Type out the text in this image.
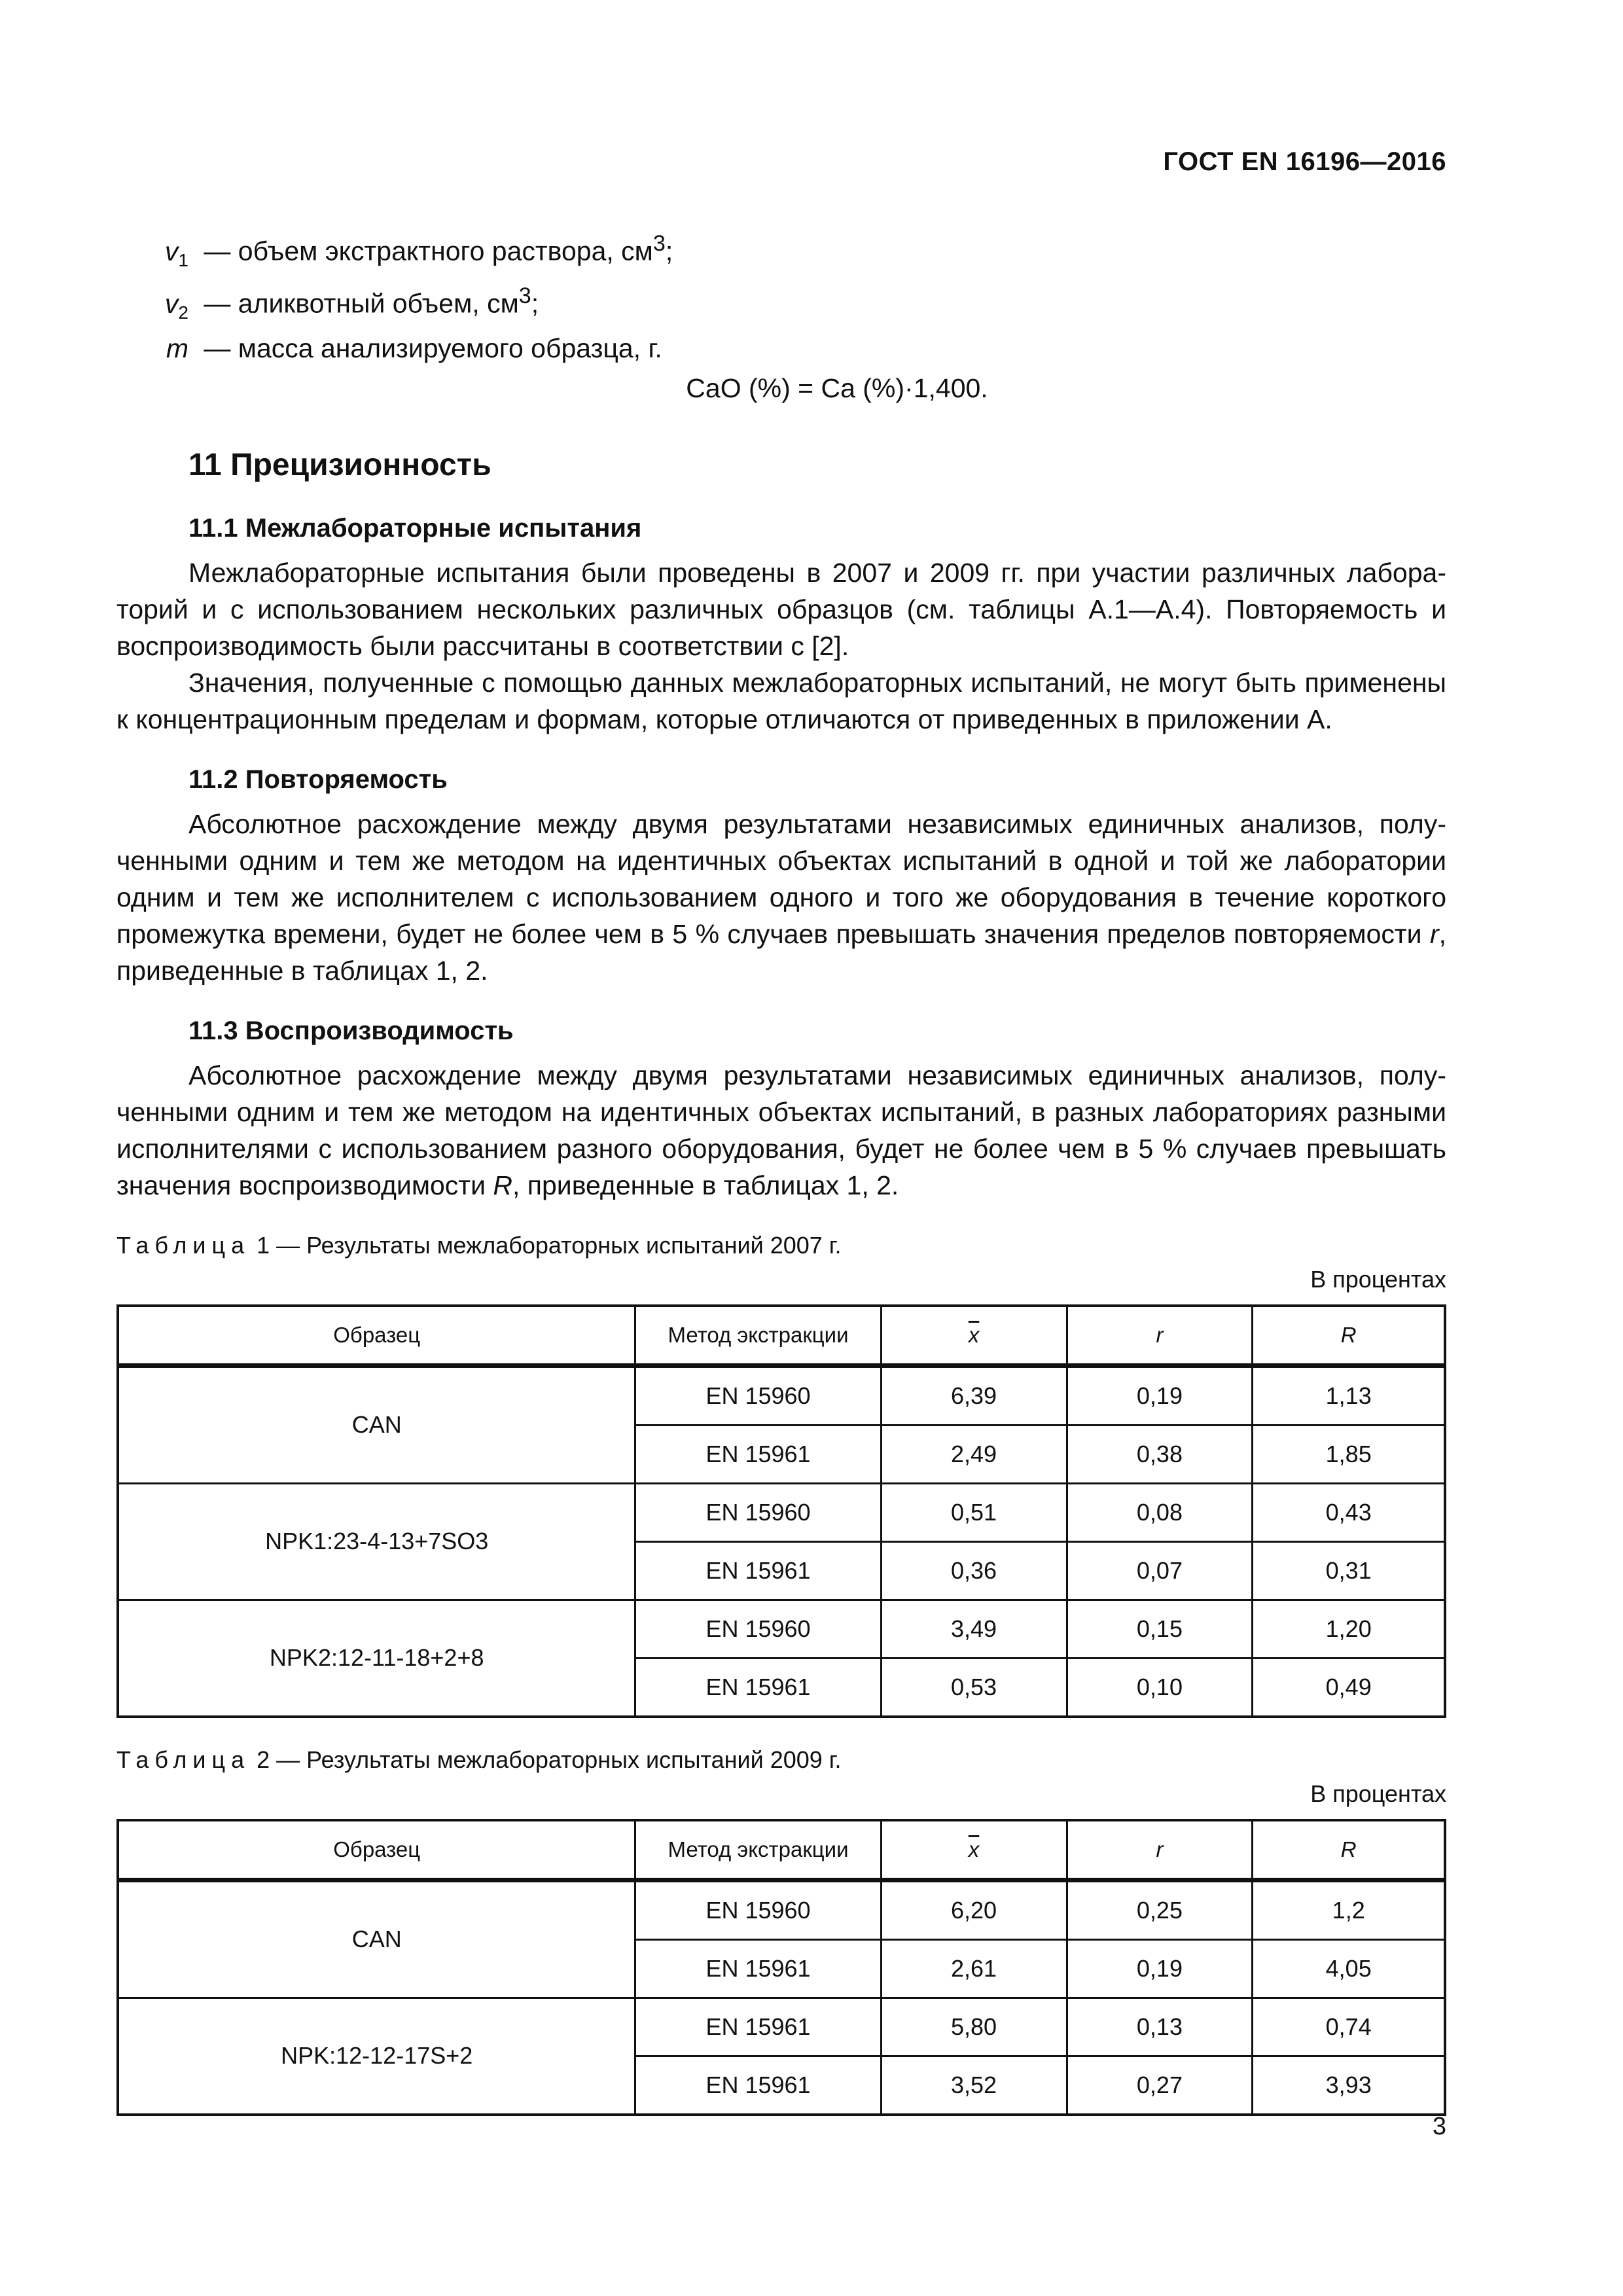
ГОСТ EN 16196—2016
$v_1$ — объем экстрактного раствора, $см^3$;
$v_2$ — аликвотный объем, $см^3$;
m — масса анализируемого образца, г.
CaO (%) = Ca (%)·1,400.
11 Прецизионность
11.1 Межлабораторные испытания

Межлабораторные испытания были проведены в 2007 и 2009 гг. при участии различных лабораторий и с использованием нескольких различных образцов (см. таблицы А.1—А.4). Повторяемость и воспроизводимость были рассчитаны в соответствии с [2].

Значения, полученные с помощью данных межлабораторных испытаний, не могут быть применены к концентрационным пределам и формам, которые отличаются от приведенных в приложении А.

11.2 Повторяемость

Абсолютное расхождение между двумя результатами независимых единичных анализов, полученными одним и тем же методом на идентичных объектах испытаний в одной и той же лаборатории одним и тем же исполнителем с использованием одного и того же оборудования в течение короткого промежутка времени, будет не более чем в 5 % случаев превышать значения пределов повторяемости r, приведенные в таблицах 1, 2.

11.3 Воспроизводимость

Абсолютное расхождение между двумя результатами независимых единичных анализов, полученными одним и тем же методом на идентичных объектах испытаний, в разных лабораториях разными исполнителями с использованием разного оборудования, будет не более чем в 5 % случаев превышать значения воспроизводимости R, приведенные в таблицах 1, 2.

Таблица 1 — Результаты межлабораторных испытаний 2007 г.
В процентах
Образец	Метод экстракции	$\overline{x}$	r	R
CAN	EN 15960	6,39	0,19	1,13
	EN 15961	2,49	0,38	1,85
NPK1:23-4-13+7SO3	EN 15960	0,51	0,08	0,43
	EN 15961	0,36	0,07	0,31
NPK2:12-11-18+2+8	EN 15960	3,49	0,15	1,20
	EN 15961	0,53	0,10	0,49
Таблица 2 — Результаты межлабораторных испытаний 2009 г.
В процентах
Образец	Метод экстракции	$\overline{x}$	r	R
CAN	EN 15960	6,20	0,25	1,2
	EN 15961	2,61	0,19	4,05
NPK:12-12-17S+2	EN 15961	5,80	0,13	0,74
	EN 15961	3,52	0,27	3,93
3
